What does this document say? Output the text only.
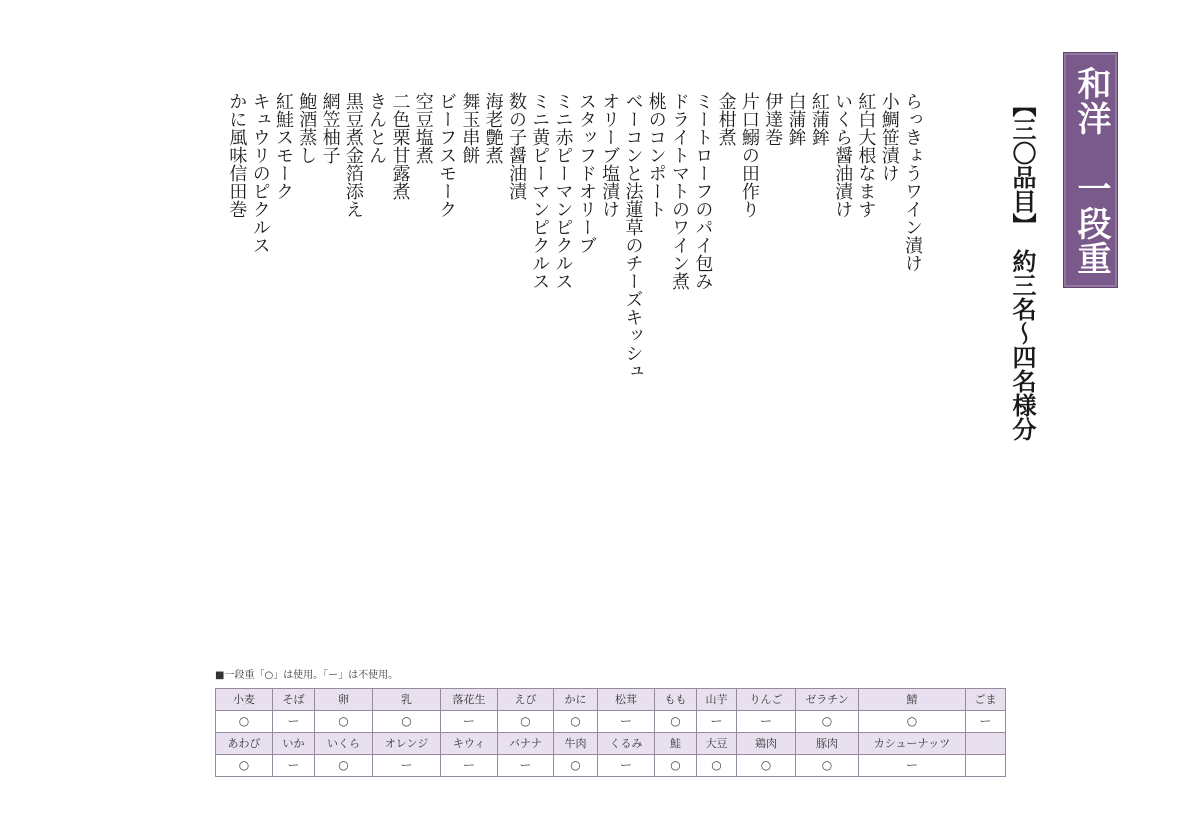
和洋　一段重
【三〇品目】　約三名～四名様分
らっきょうワイン漬け
小鯛笹漬け
紅白大根なます
いくら醤油漬け
紅蒲鉾
白蒲鉾
伊達巻
片口鰯の田作り
金柑煮
ミートローフのパイ包み
ドライトマトのワイン煮
桃のコンポート
ベーコンと法蓮草のチーズキッシュ
オリーブ塩漬け
スタッフドオリーブ
ミニ赤ピーマンピクルス
ミニ黄ピーマンピクルス
数の子醤油漬
海老艶煮
舞玉串餅
ビーフスモーク
空豆塩煮
二色栗甘露煮
きんとん
黒豆煮金箔添え
網笠柚子
鮑酒蒸し
紅鮭スモーク
キュウリのピクルス
かに風味信田巻
■一段重「○」は使用。「ー」は不使用。
小麦	そば	卵	乳	落花生	えび	かに	松茸	もも	山芋	りんご	ゼラチン	鯖	ごま
○	ー	○	○	ー	○	○	ー	○	ー	ー	○	○	ー
あわび	いか	いくら	オレンジ	キウィ	バナナ	牛肉	くるみ	鮭	大豆	鶏肉	豚肉	カシューナッツ	
○	ー	○	ー	ー	ー	○	ー	○	○	○	○	ー	
